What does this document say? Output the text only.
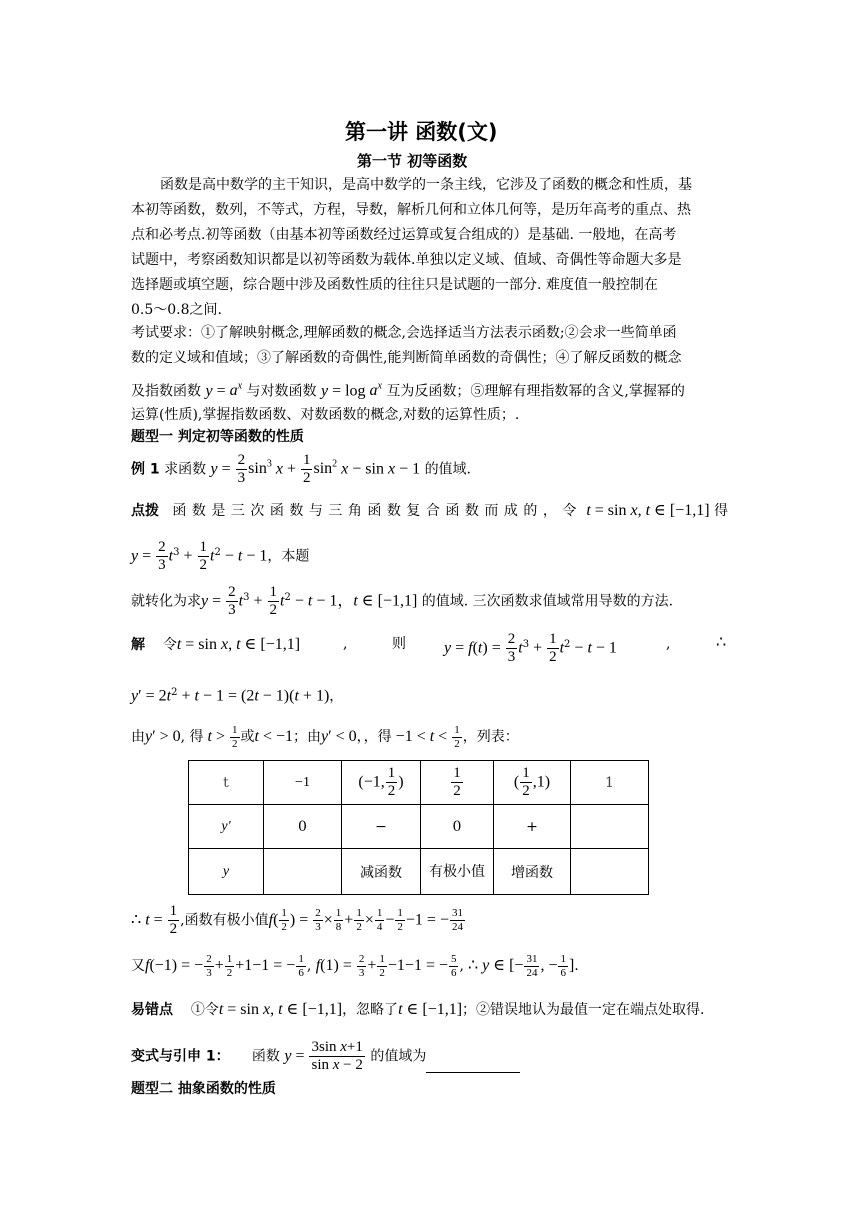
第一讲 函数(文)
第一节 初等函数
函数是高中数学的主干知识，是高中数学的一条主线，它涉及了函数的概念和性质，基
本初等函数，数列，不等式，方程，导数，解析几何和立体几何等，是历年高考的重点、热
点和必考点.初等函数（由基本初等函数经过运算或复合组成的）是基础. 一般地，在高考
试题中，考察函数知识都是以初等函数为载体.单独以定义域、值域、奇偶性等命题大多是
选择题或填空题，综合题中涉及函数性质的往往只是试题的一部分. 难度值一般控制在
0.5～0.8之间.
考试要求：①了解映射概念,理解函数的概念,会选择适当方法表示函数;②会求一些简单函
数的定义域和值域；③了解函数的奇偶性,能判断简单函数的奇偶性；④了解反函数的概念
及指数函数 $y = a^x$ 与对数函数 $y = \log a^x$ 互为反函数；⑤理解有理指数幂的含义,掌握幂的
运算(性质),掌握指数函数、对数函数的概念,对数的运算性质；.
题型一 判定初等函数的性质
例 1 求函数 $y = \frac{2}{3} \sin^3 x + \frac{1}{2} \sin^2 x - \sin x - 1$ 的值域.
点拨 函数是三次函数与三角函数复合函数而成的，令 t = sin x, t ∈ [−1,1] 得
$y = \frac{2}{3} t^3 + \frac{1}{2} t^2 - t - 1$，本题
就转化为求$y = \frac{2}{3} t^3 + \frac{1}{2} t^2 - t - 1$，t ∈ [−1,1] 的值域. 三次函数求值域常用导数的方法.
解 令t = sin x, t ∈ [−1,1]	,          则 $y = f(t) = \frac{2}{3} t^3 + \frac{1}{2} t^2 - t - 1$	,	∴
$y' = 2t^2 + t - 1 = (2t - 1)(t + 1)$，
由y′ > 0, 得 $t > \frac{1}{2}$ 或t < −1；由y′ < 0，，得 $-1 < t < \frac{1}{2}$ ，列表：
t	−1	(−1, $\frac{1}{2}$ )	$\frac{1}{2}$	( $\frac{1}{2} ,1$)	1
y'	0	−	0	+	
y		减函数	有极小值	增函数	
∴ $t = \frac{1}{2}$ ,函数有极小值$f( \frac{1}{2}$ ) = $\frac{2}{3} \times \frac{1}{8} + \frac{1}{2} \times \frac{1}{4} - \frac{1}{2} -1$ = − $\frac{31}{24}$
又f(−1) = − $\frac{2}{3} + \frac{1}{2} +1-1$ = − $\frac{1}{6}$ , $f(1) = \frac{2}{3} + \frac{1}{2} -1-1$ = − $\frac{5}{6}$ , ∴ y ∈ [− $\frac{31}{24}$ , − $\frac{1}{6}$ ].
易错点 ①令t = sin x, t ∈ [−1,1]，忽略了t ∈ [−1,1]；②错误地认为最值一定在端点处取得.
变式与引申 1： 函数 $y = \frac{\text{3sin x+1}}{\text{sin x − 2}}$ 的值域为
题型二 抽象函数的性质
